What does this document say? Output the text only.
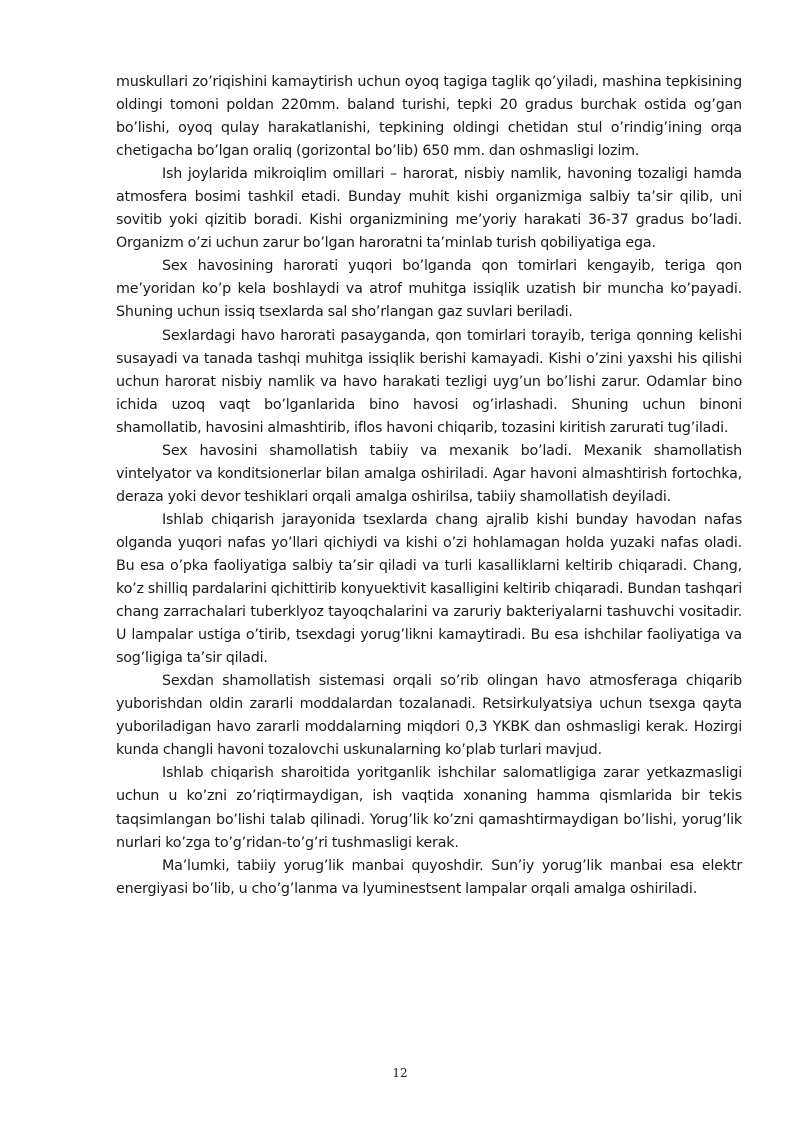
muskullari zo’riqishini kamaytirish uchun oyoq tagiga taglik qo’yiladi, mashina tepkisining oldingi tomoni poldan 220mm. baland turishi, tepki 20 gradus burchak ostida og’gan bo’lishi, oyoq qulay harakatlanishi, tepkining oldingi chetidan stul o’rindig’ining orqa chetigacha bo’lgan oraliq (gorizontal bo’lib) 650 mm. dan oshmasligi lozim.

Ish joylarida mikroiqlim omillari – harorat, nisbiy namlik, havoning tozaligi hamda atmosfera bosimi tashkil etadi. Bunday muhit kishi organizmiga salbiy ta’sir qilib, uni sovitib yoki qizitib boradi. Kishi organizmining me’yoriy harakati 36-37 gradus bo’ladi. Organizm o’zi uchun zarur bo’lgan haroratni ta’minlab turish qobiliyatiga ega.

Sex havosining harorati yuqori bo’lganda qon tomirlari kengayib, teriga qon me’yoridan ko’p kela boshlaydi va atrof muhitga issiqlik uzatish bir muncha ko’payadi. Shuning uchun issiq tsexlarda sal sho’rlangan gaz suvlari beriladi.

Sexlardagi havo harorati pasayganda, qon tomirlari torayib, teriga qonning kelishi susayadi va tanada tashqi muhitga issiqlik berishi kamayadi. Kishi o’zini yaxshi his qilishi uchun harorat nisbiy namlik va havo harakati tezligi uyg’un bo’lishi zarur. Odamlar bino ichida uzoq vaqt bo’lganlarida bino havosi og’irlashadi. Shuning uchun binoni shamollatib, havosini almashtirib, iflos havoni chiqarib, tozasini kiritish zarurati tug’iladi.

Sex havosini shamollatish tabiiy va mexanik bo’ladi. Mexanik shamollatish vintelyator va konditsionerlar bilan amalga oshiriladi. Agar havoni almashtirish fortochka, deraza yoki devor teshiklari orqali amalga oshirilsa, tabiiy shamollatish deyiladi.

Ishlab chiqarish jarayonida tsexlarda chang ajralib kishi bunday havodan nafas olganda yuqori nafas yo’llari qichiydi va kishi o’zi hohlamagan holda yuzaki nafas oladi. Bu esa o’pka faoliyatiga salbiy ta’sir qiladi va turli kasalliklarni keltirib chiqaradi. Chang, ko’z shilliq pardalarini qichittirib konyuektivit kasalligini keltirib chiqaradi. Bundan tashqari chang zarrachalari tuberklyoz tayoqchalarini va zaruriy bakteriyalarni tashuvchi vositadir. U lampalar ustiga o’tirib, tsexdagi yorug’likni kamaytiradi. Bu esa ishchilar faoliyatiga va sog’ligiga ta’sir qiladi.

Sexdan shamollatish sistemasi orqali so’rib olingan havo atmosferaga chiqarib yuborishdan oldin zararli moddalardan tozalanadi. Retsirkulyatsiya uchun tsexga qayta yuboriladigan havo zararli moddalarning miqdori 0,3 YKBK dan oshmasligi kerak. Hozirgi kunda changli havoni tozalovchi uskunalarning ko’plab turlari mavjud.

Ishlab chiqarish sharoitida yoritganlik ishchilar salomatligiga zarar yetkazmasligi uchun u ko’zni zo’riqtirmaydigan, ish vaqtida xonaning hamma qismlarida bir tekis taqsimlangan bo’lishi talab qilinadi. Yorug’lik ko’zni qamashtirmaydigan bo’lishi, yorug’lik nurlari ko’zga to’g’ridan-to’g’ri tushmasligi kerak.

Ma’lumki, tabiiy yorug’lik manbai quyoshdir. Sun’iy yorug’lik manbai esa elektr energiyasi bo’lib, u cho’g’lanma va lyuminestsent lampalar orqali amalga oshiriladi.

12
